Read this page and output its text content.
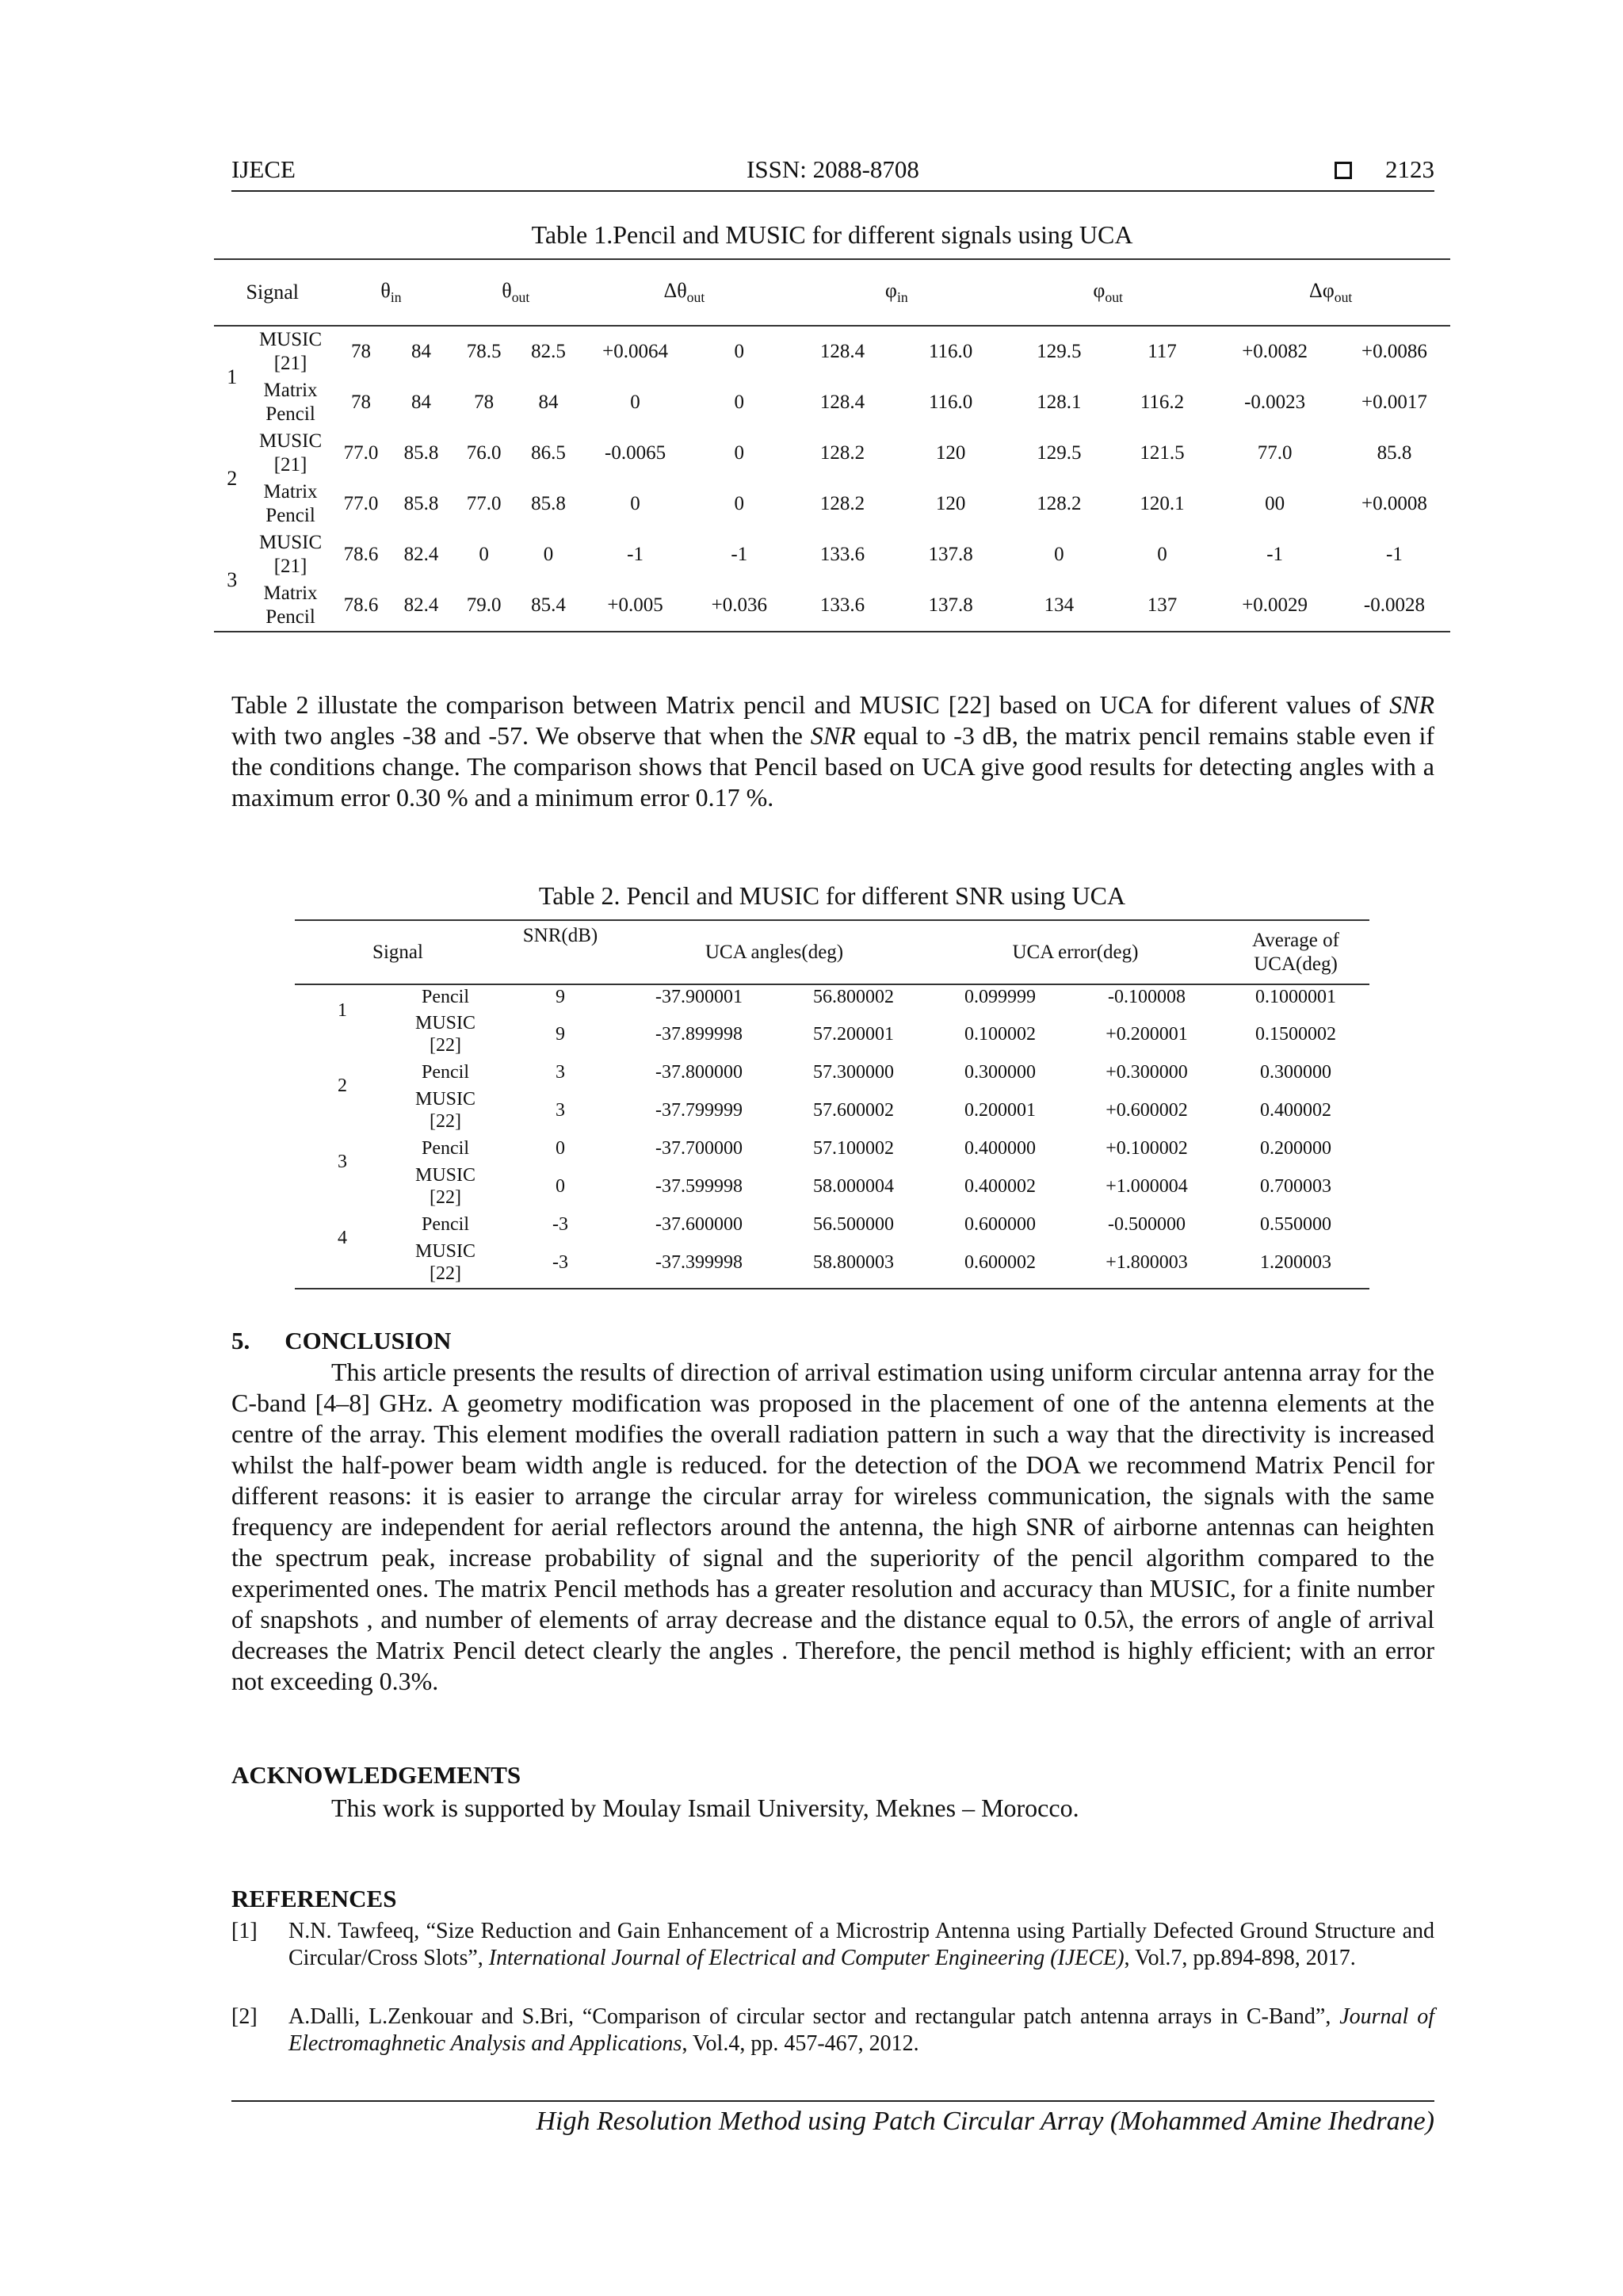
IJECE	ISSN: 2088-8708	2123
Table 1.Pencil and MUSIC for different signals using UCA
Signal		$\theta_{in}$		$\theta_{out}$		$\Delta\theta_{out}$		$\varphi_{in}$		$\varphi_{out}$		$\Delta\varphi_{out}$
1	MUSIC [21]	78	84	78.5	82.5	+0.0064	0	128.4	116.0	129.5	117	+0.0082	+0.0086
	Matrix Pencil	78	84	78	84	0	0	128.4	116.0	128.1	116.2	-0.0023	+0.0017
2	MUSIC [21]	77.0	85.8	76.0	86.5	-0.0065	0	128.2	120	129.5	121.5	77.0	85.8
	Matrix Pencil	77.0	85.8	77.0	85.8	0	0	128.2	120	128.2	120.1	00	+0.0008
3	MUSIC [21]	78.6	82.4	0	0	-1	-1	133.6	137.8	0	0	-1	-1
	Matrix Pencil	78.6	82.4	79.0	85.4	+0.005	+0.036	133.6	137.8	134	137	+0.0029	-0.0028
Table 2 illustate the comparison between Matrix pencil and MUSIC [22] based on UCA for diferent values of SNR with two angles -38 and -57. We observe that when the SNR equal to -3 dB, the matrix pencil remains stable even if the conditions change. The comparison shows that Pencil based on UCA give good results for detecting angles with a maximum error 0.30 % and a minimum error 0.17 %.
Table 2. Pencil and MUSIC for different SNR using UCA
Signal		SNR(dB)	UCA angles(deg)		UCA error(deg)		Average of
UCA(deg)
1	Pencil	9	-37.900001	56.800002	0.099999	-0.100008	0.1000001
	MUSIC [22]	9	-37.899998	57.200001	0.100002	+0.200001	0.1500002
2	Pencil	3	-37.800000	57.300000	0.300000	+0.300000	0.300000
	MUSIC [22]	3	-37.799999	57.600002	0.200001	+0.600002	0.400002
3	Pencil	0	-37.700000	57.100002	0.400000	+0.100002	0.200000
	MUSIC [22]	0	-37.599998	58.000004	0.400002	+1.000004	0.700003
4	Pencil	-3	-37.600000	56.500000	0.600000	-0.500000	0.550000
	MUSIC [22]	-3	-37.399998	58.800003	0.600002	+1.800003	1.200003
5. CONCLUSION
This article presents the results of direction of arrival estimation using uniform circular antenna array for the C-band [4–8] GHz. A geometry modification was proposed in the placement of one of the antenna elements at the centre of the array. This element modifies the overall radiation pattern in such a way that the directivity is increased whilst the half-power beam width angle is reduced. for the detection of the DOA we recommend Matrix Pencil for different reasons: it is easier to arrange the circular array for wireless communication, the signals with the same frequency are independent for aerial reflectors around the antenna, the high SNR of airborne antennas can heighten the spectrum peak, increase probability of signal and the superiority of the pencil algorithm compared to the experimented ones. The matrix Pencil methods has a greater resolution and accuracy than MUSIC, for a finite number of snapshots , and number of elements of array decrease and the distance equal to 0.5λ, the errors of angle of arrival decreases the Matrix Pencil detect clearly the angles . Therefore, the pencil method is highly efficient; with an error not exceeding 0.3%.
ACKNOWLEDGEMENTS
This work is supported by Moulay Ismail University, Meknes – Morocco.
REFERENCES
[1] N.N. Tawfeeq, “Size Reduction and Gain Enhancement of a Microstrip Antenna using Partially Defected Ground Structure and Circular/Cross Slots”, International Journal of Electrical and Computer Engineering (IJECE), Vol.7, pp.894-898, 2017.
[2] A.Dalli, L.Zenkouar and S.Bri, “Comparison of circular sector and rectangular patch antenna arrays in C-Band”, Journal of Electromaghnetic Analysis and Applications, Vol.4, pp. 457-467, 2012.
High Resolution Method using Patch Circular Array (Mohammed Amine Ihedrane)
